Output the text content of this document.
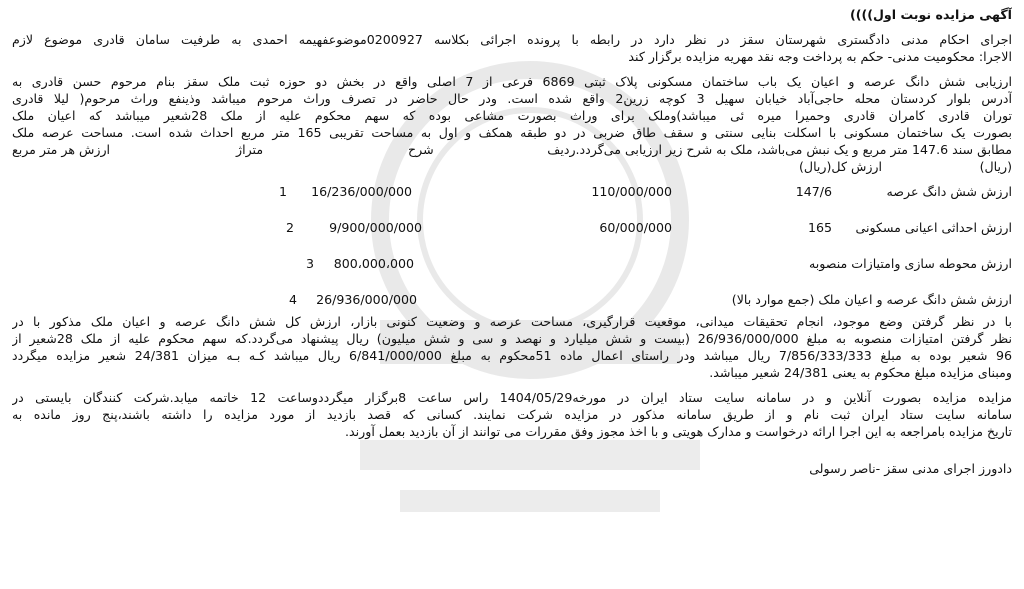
آگهی مزایده نوبت اول))))
اجرای احکام مدنی دادگستری شهرستان سقز در نظر دارد در رابطه با پرونده اجرائی بکلاسه 0200927موضوعفهیمه احمدی به طرفیت سامان قادری موضوع لازم
الاجرا: محکومیت مدنی- حکم به پرداخت وجه نقد مهریه مزایده برگزار کند
ارزیابی شش دانگ عرصه و اعیان یک باب ساختمان مسکونی پلاک ثبتی 6869 فرعی از 7 اصلی واقع در بخش دو حوزه ثبت ملک سقز بنام مرحوم حسن قادری به
آدرس بلوار کردستان محله حاجی‌آباد خیابان سهیل 3 کوچه زرین2 واقع شده است. ودر حال حاضر در تصرف وراث مرحوم میباشد وذینفع وراث مرحوم( لیلا قادری
توران قادری کامران قادری وحمیرا میره ئی میباشد)وملک برای وراث بصورت مشاعی بوده که سهم محکوم علیه از ملک 28شعیر میباشد که اعیان ملک
بصورت یک ساختمان مسکونی با اسکلت بنایی سنتی و سقف طاق ضربی در دو طبقه همکف و اول به مساحت تقریبی 165 متر مربع احداث شده است. مساحت عرصه ملک
مطابق سند 147.6 متر مربع و یک نبش می‌باشد، ملک به شرح زیر ارزیابی می‌گردد.ردیف
شرح
متراژ
ارزش هر متر مربع
(ریال)
ارزش کل(ریال)
ارزش شش دانگ عرصه
147/6
110/000/000
16/236/000/000
1
ارزش احداثی اعیانی مسکونی
165
60/000/000
9/900/000/000
2
ارزش محوطه سازی وامتیازات منصوبه
800،000،000
3
ارزش شش دانگ عرصه و اعیان ملک (جمع موارد بالا)
26/936/000/000
4
با در نظر گرفتن وضع موجود، انجام تحقیقات میدانی، موقعیت قرارگیری، مساحت عرصه و وضعیت کنونی بازار، ارزش کل شش دانگ عرصه و اعیان ملک مذکور با در
نظر گرفتن امتیازات منصوبه به مبلغ 26/936/000/000 (بیست و شش میلیارد و نهصد و سی و شش میلیون) ریال پیشنهاد می‌گردد.که سهم محکوم علیه از ملک 28شعیر از
96 شعیر بوده به مبلغ 7/856/333/333 ریال میباشد ودر راستای اعمال ماده 51محکوم به مبلغ 6/841/000/000 ریال میباشد کـه بـه میزان 24/381 شعیر مزایده میگردد
ومبنای مزایده مبلغ محکوم به یعنی 24/381 شعیر میباشد.
مزایده مزایده بصورت آنلاین و در سامانه سایت ستاد ایران در مورخه1404/05/29 راس ساعت 8برگزار میگرددوساعت 12 خاتمه میابد.شرکت کنندگان بایستی در
سامانه سایت ستاد ایران ثبت نام و از طریق سامانه مذکور در مزایده شرکت نمایند. کسانی که قصد بازدید از مورد مزایده را داشته باشند،پنج روز مانده به
تاریخ مزایده بامراجعه به این اجرا ارائه درخواست و مدارک هویتی و با اخذ مجوز وفق مقررات می توانند از آن بازدید بعمل آورند.
دادورز اجرای مدنی سقز -ناصر رسولی
